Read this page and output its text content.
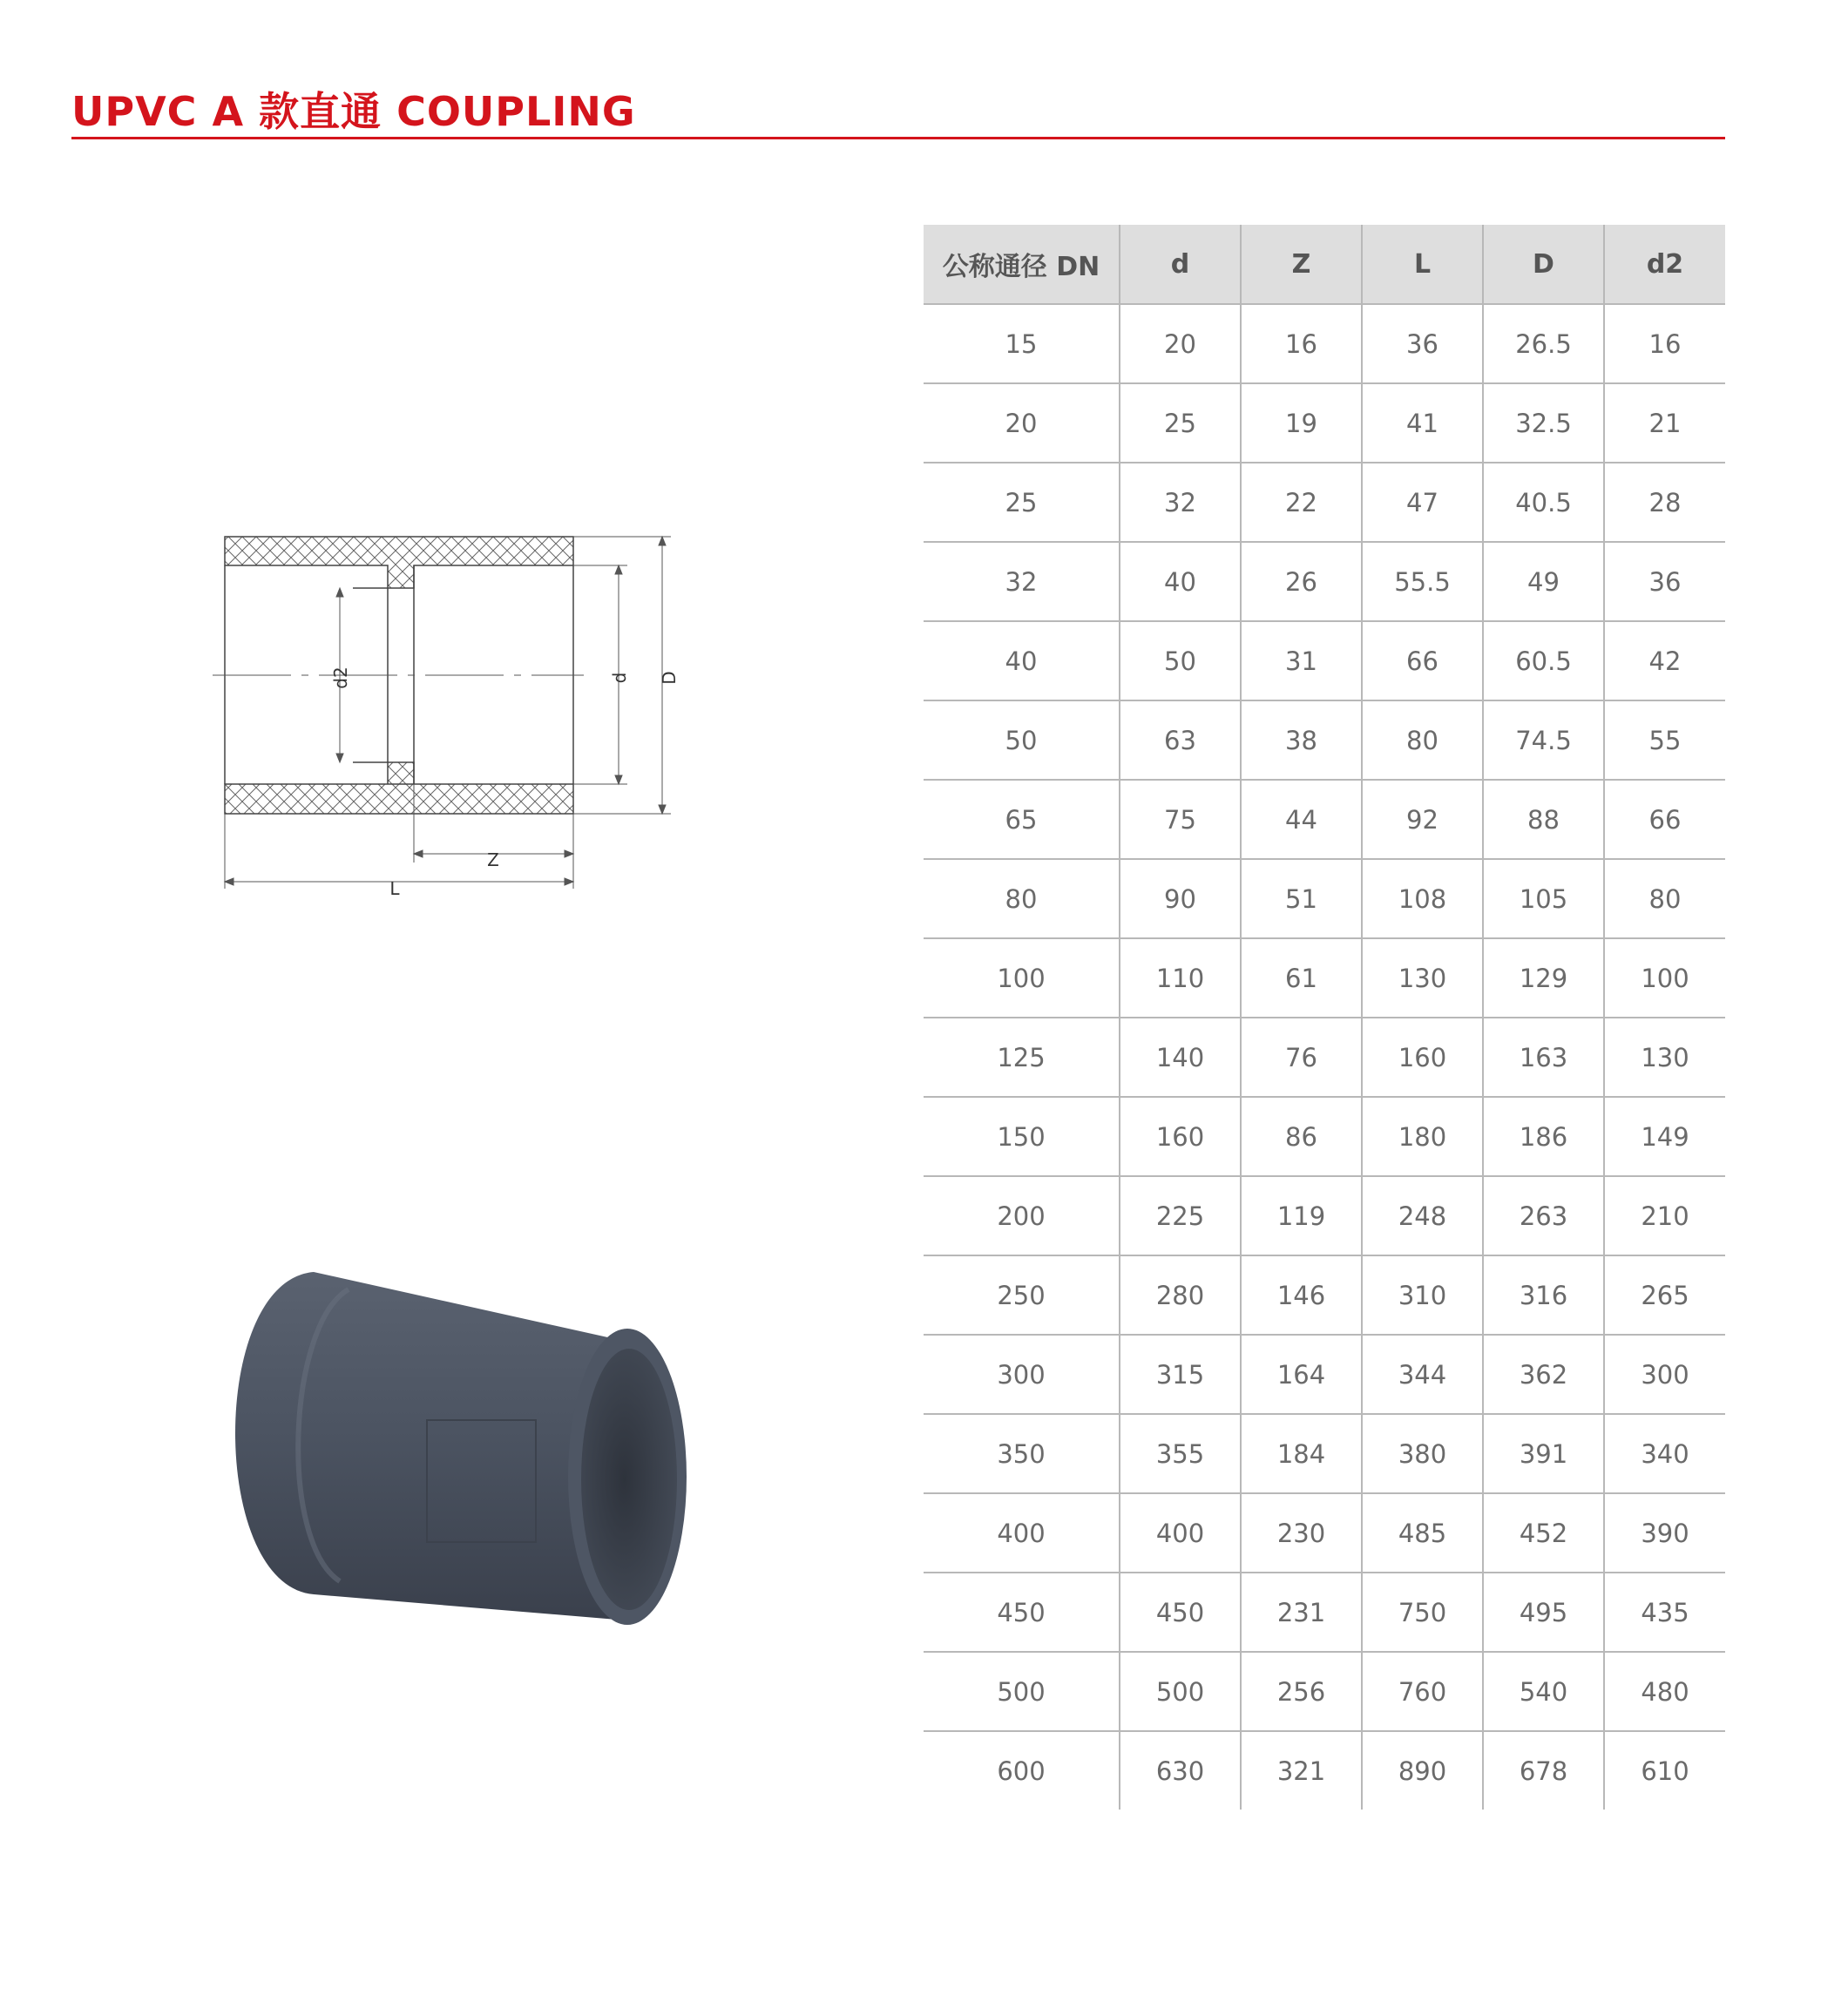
UPVC A 款直通 COUPLING
d2	d D
Z
L
公称通径 DN	d	Z	L	D	d2
15	20	16	36	26.5	16
20	25	19	41	32.5	21
25	32	22	47	40.5	28
32	40	26	55.5	49	36
40	50	31	66	60.5	42
50	63	38	80	74.5	55
65	75	44	92	88	66
80	90	51	108	105	80
100	110	61	130	129	100
125	140	76	160	163	130
150	160	86	180	186	149
200	225	119	248	263	210
250	280	146	310	316	265
300	315	164	344	362	300
350	355	184	380	391	340
400	400	230	485	452	390
450	450	231	750	495	435
500	500	256	760	540	480
600	630	321	890	678	610
